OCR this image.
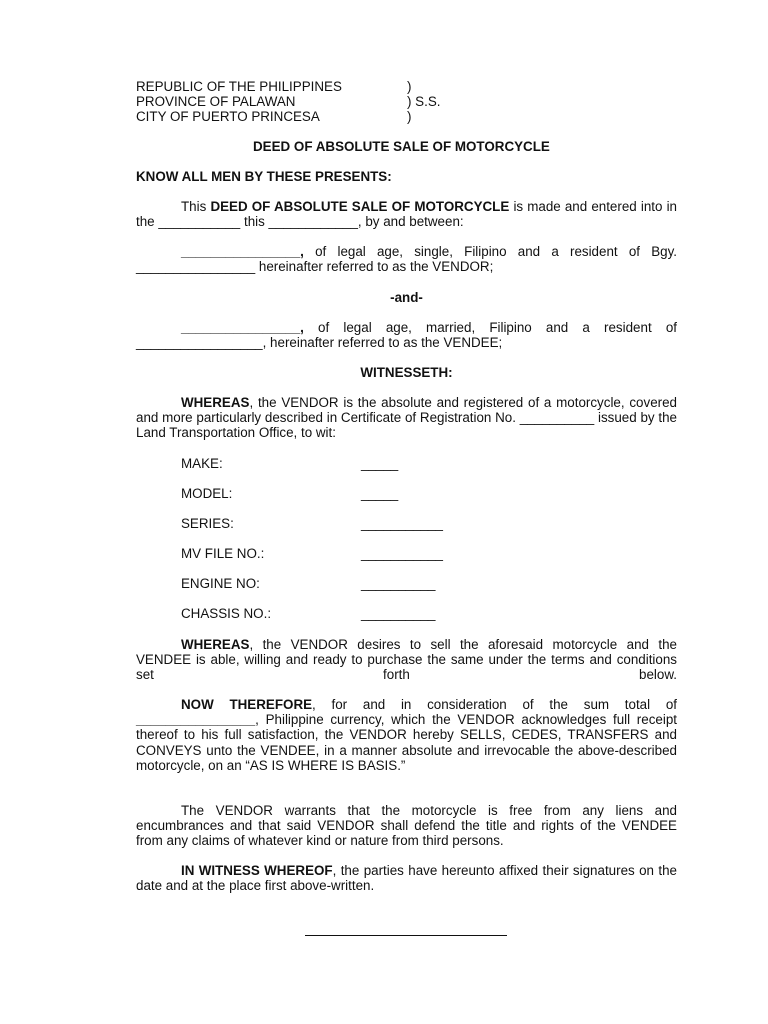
REPUBLIC OF THE PHILIPPINES	)
PROVINCE OF PALAWAN	) S.S.
CITY OF PUERTO PRINCESA	)
DEED OF ABSOLUTE SALE OF MOTORCYCLE
KNOW ALL MEN BY THESE PRESENTS:
This DEED OF ABSOLUTE SALE OF MOTORCYCLE is made and entered into in the ___________ this ____________, by and between:
________________, of legal age, single, Filipino and a resident of Bgy. ________________ hereinafter referred to as the VENDOR;
-and-
________________, of legal age, married, Filipino and a resident of _________________, hereinafter referred to as the VENDEE;
WITNESSETH:
WHEREAS, the VENDOR is the absolute and registered of a motorcycle, covered and more particularly described in Certificate of Registration No. __________ issued by the Land Transportation Office, to wit:
MAKE:	_____
MODEL:	_____
SERIES:	___________
MV FILE NO.:	___________
ENGINE NO:	__________
CHASSIS NO.:	__________
WHEREAS, the VENDOR desires to sell the aforesaid motorcycle and the VENDEE is able, willing and ready to purchase the same under the terms and conditions set forth below.
NOW THEREFORE, for and in consideration of the sum total of ________________, Philippine currency, which the VENDOR acknowledges full receipt thereof to his full satisfaction, the VENDOR hereby SELLS, CEDES, TRANSFERS and CONVEYS unto the VENDEE, in a manner absolute and irrevocable the above-described motorcycle, on an “AS IS WHERE IS BASIS.”
The VENDOR warrants that the motorcycle is free from any liens and encumbrances and that said VENDOR shall defend the title and rights of the VENDEE from any claims of whatever kind or nature from third persons.
IN WITNESS WHEREOF, the parties have hereunto affixed their signatures on the date and at the place first above-written.
